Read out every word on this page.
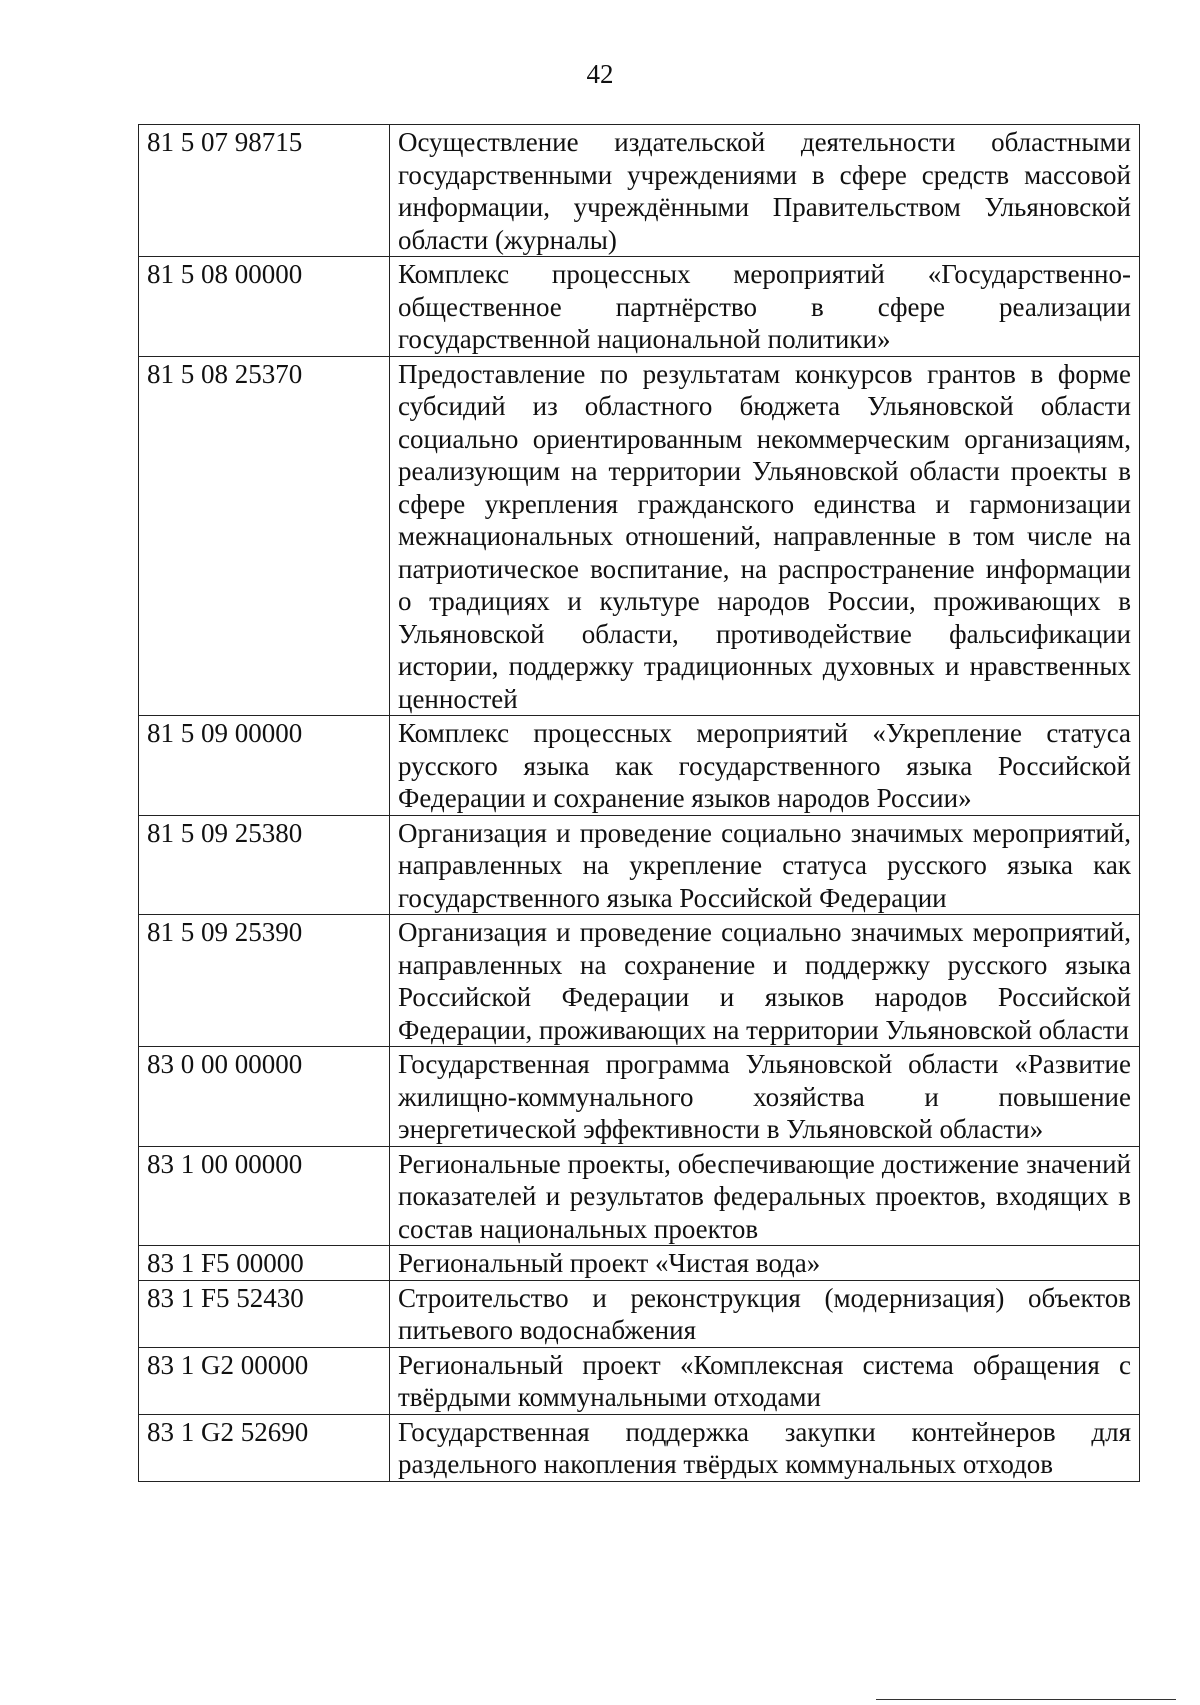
42
81 5 07 98715	Осуществление издательской деятельности областными государственными учреждениями в сфере средств массовой информации, учреждёнными Правительством Ульяновской области (журналы)
81 5 08 00000	Комплекс процессных мероприятий «Государственно-общественное партнёрство в сфере реализации государственной национальной политики»
81 5 08 25370	Предоставление по результатам конкурсов грантов в форме субсидий из областного бюджета Ульяновской области социально ориентированным некоммерческим организациям, реализующим на территории Ульяновской области проекты в сфере укрепления гражданского единства и гармонизации межнациональных отношений, направленные в том числе на патриотическое воспитание, на распространение информации о традициях и культуре народов России, проживающих в Ульяновской области, противодействие фальсификации истории, поддержку традиционных духовных и нравственных ценностей
81 5 09 00000	Комплекс процессных мероприятий «Укрепление статуса русского языка как государственного языка Российской Федерации и сохранение языков народов России»
81 5 09 25380	Организация и проведение социально значимых мероприятий, направленных на укрепление статуса русского языка как государственного языка Российской Федерации
81 5 09 25390	Организация и проведение социально значимых мероприятий, направленных на сохранение и поддержку русского языка Российской Федерации и языков народов Российской Федерации, проживающих на территории Ульяновской области
83 0 00 00000	Государственная программа Ульяновской области «Развитие жилищно-коммунального хозяйства и повышение энергетической эффективности в Ульяновской области»
83 1 00 00000	Региональные проекты, обеспечивающие достижение значений показателей и результатов федеральных проектов, входящих в состав национальных проектов
83 1 F5 00000	Региональный проект «Чистая вода»
83 1 F5 52430	Строительство и реконструкция (модернизация) объектов питьевого водоснабжения
83 1 G2 00000	Региональный проект «Комплексная система обращения с твёрдыми коммунальными отходами
83 1 G2 52690	Государственная поддержка закупки контейнеров для раздельного накопления твёрдых коммунальных отходов
